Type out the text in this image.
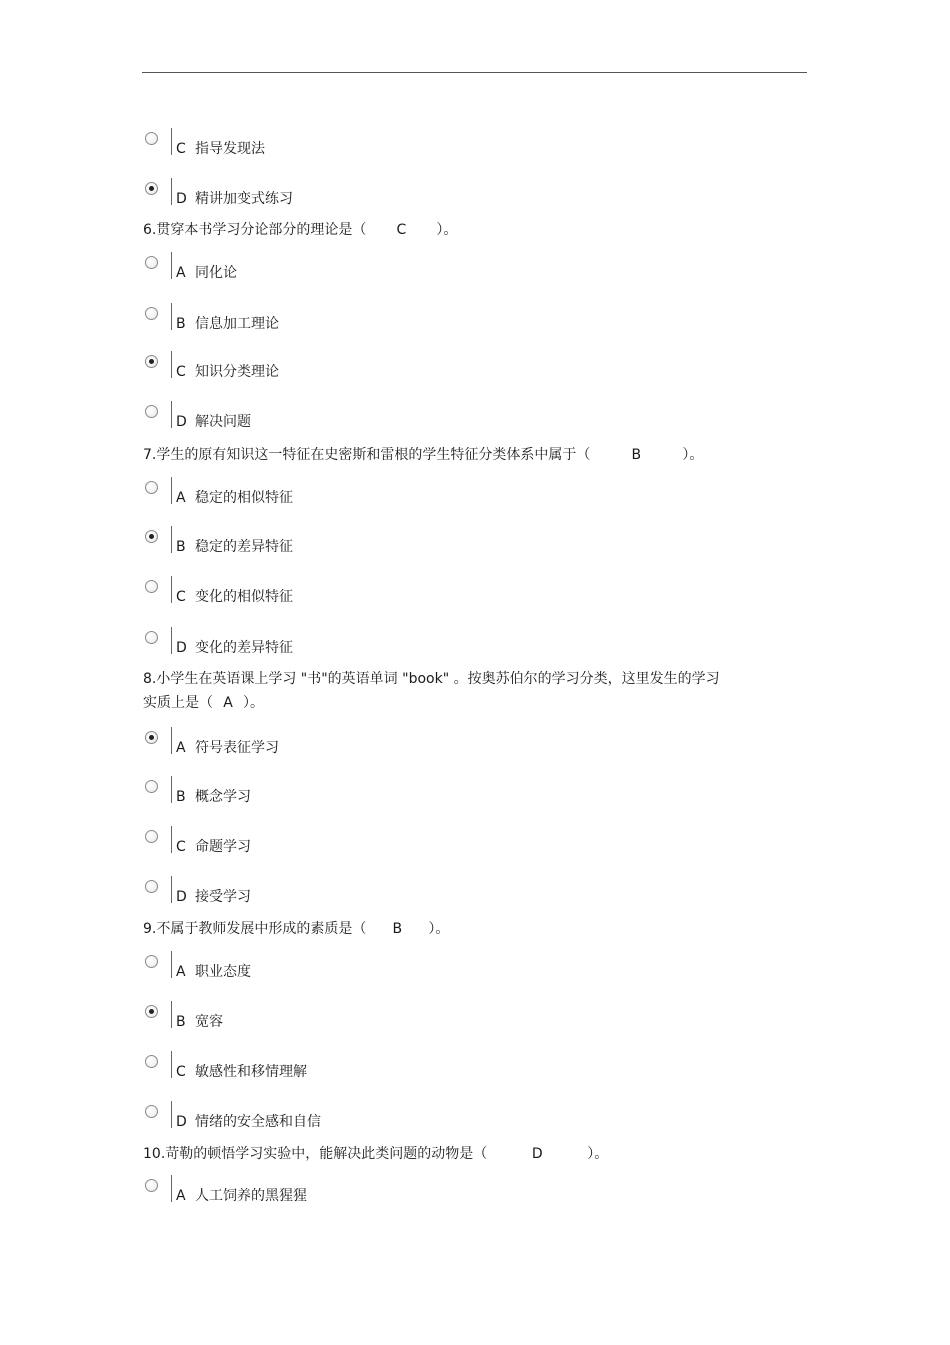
C 指导发现法
D 精讲加变式练习
6.贯穿本书学习分论部分的理论是（ C ）。
A 同化论
B 信息加工理论
C 知识分类理论
D 解决问题
7.学生的原有知识这一特征在史密斯和雷根的学生特征分类体系中属于（	B	）。
A 稳定的相似特征
B 稳定的差异特征
C 变化的相似特征
D 变化的差异特征
8.小学生在英语课上学习 "书"的英语单词 "book" 。按奥苏伯尔的学习分类，这里发生的学习
实质上是（ A ）。
A 符号表征学习
B 概念学习
C 命题学习
D 接受学习
9.不属于教师发展中形成的素质是（ B ）。
A 职业态度
B 宽容
C 敏感性和移情理解
D 情绪的安全感和自信
10.苛勒的顿悟学习实验中，能解决此类问题的动物是（	D	）。
A 人工饲养的黑猩猩
